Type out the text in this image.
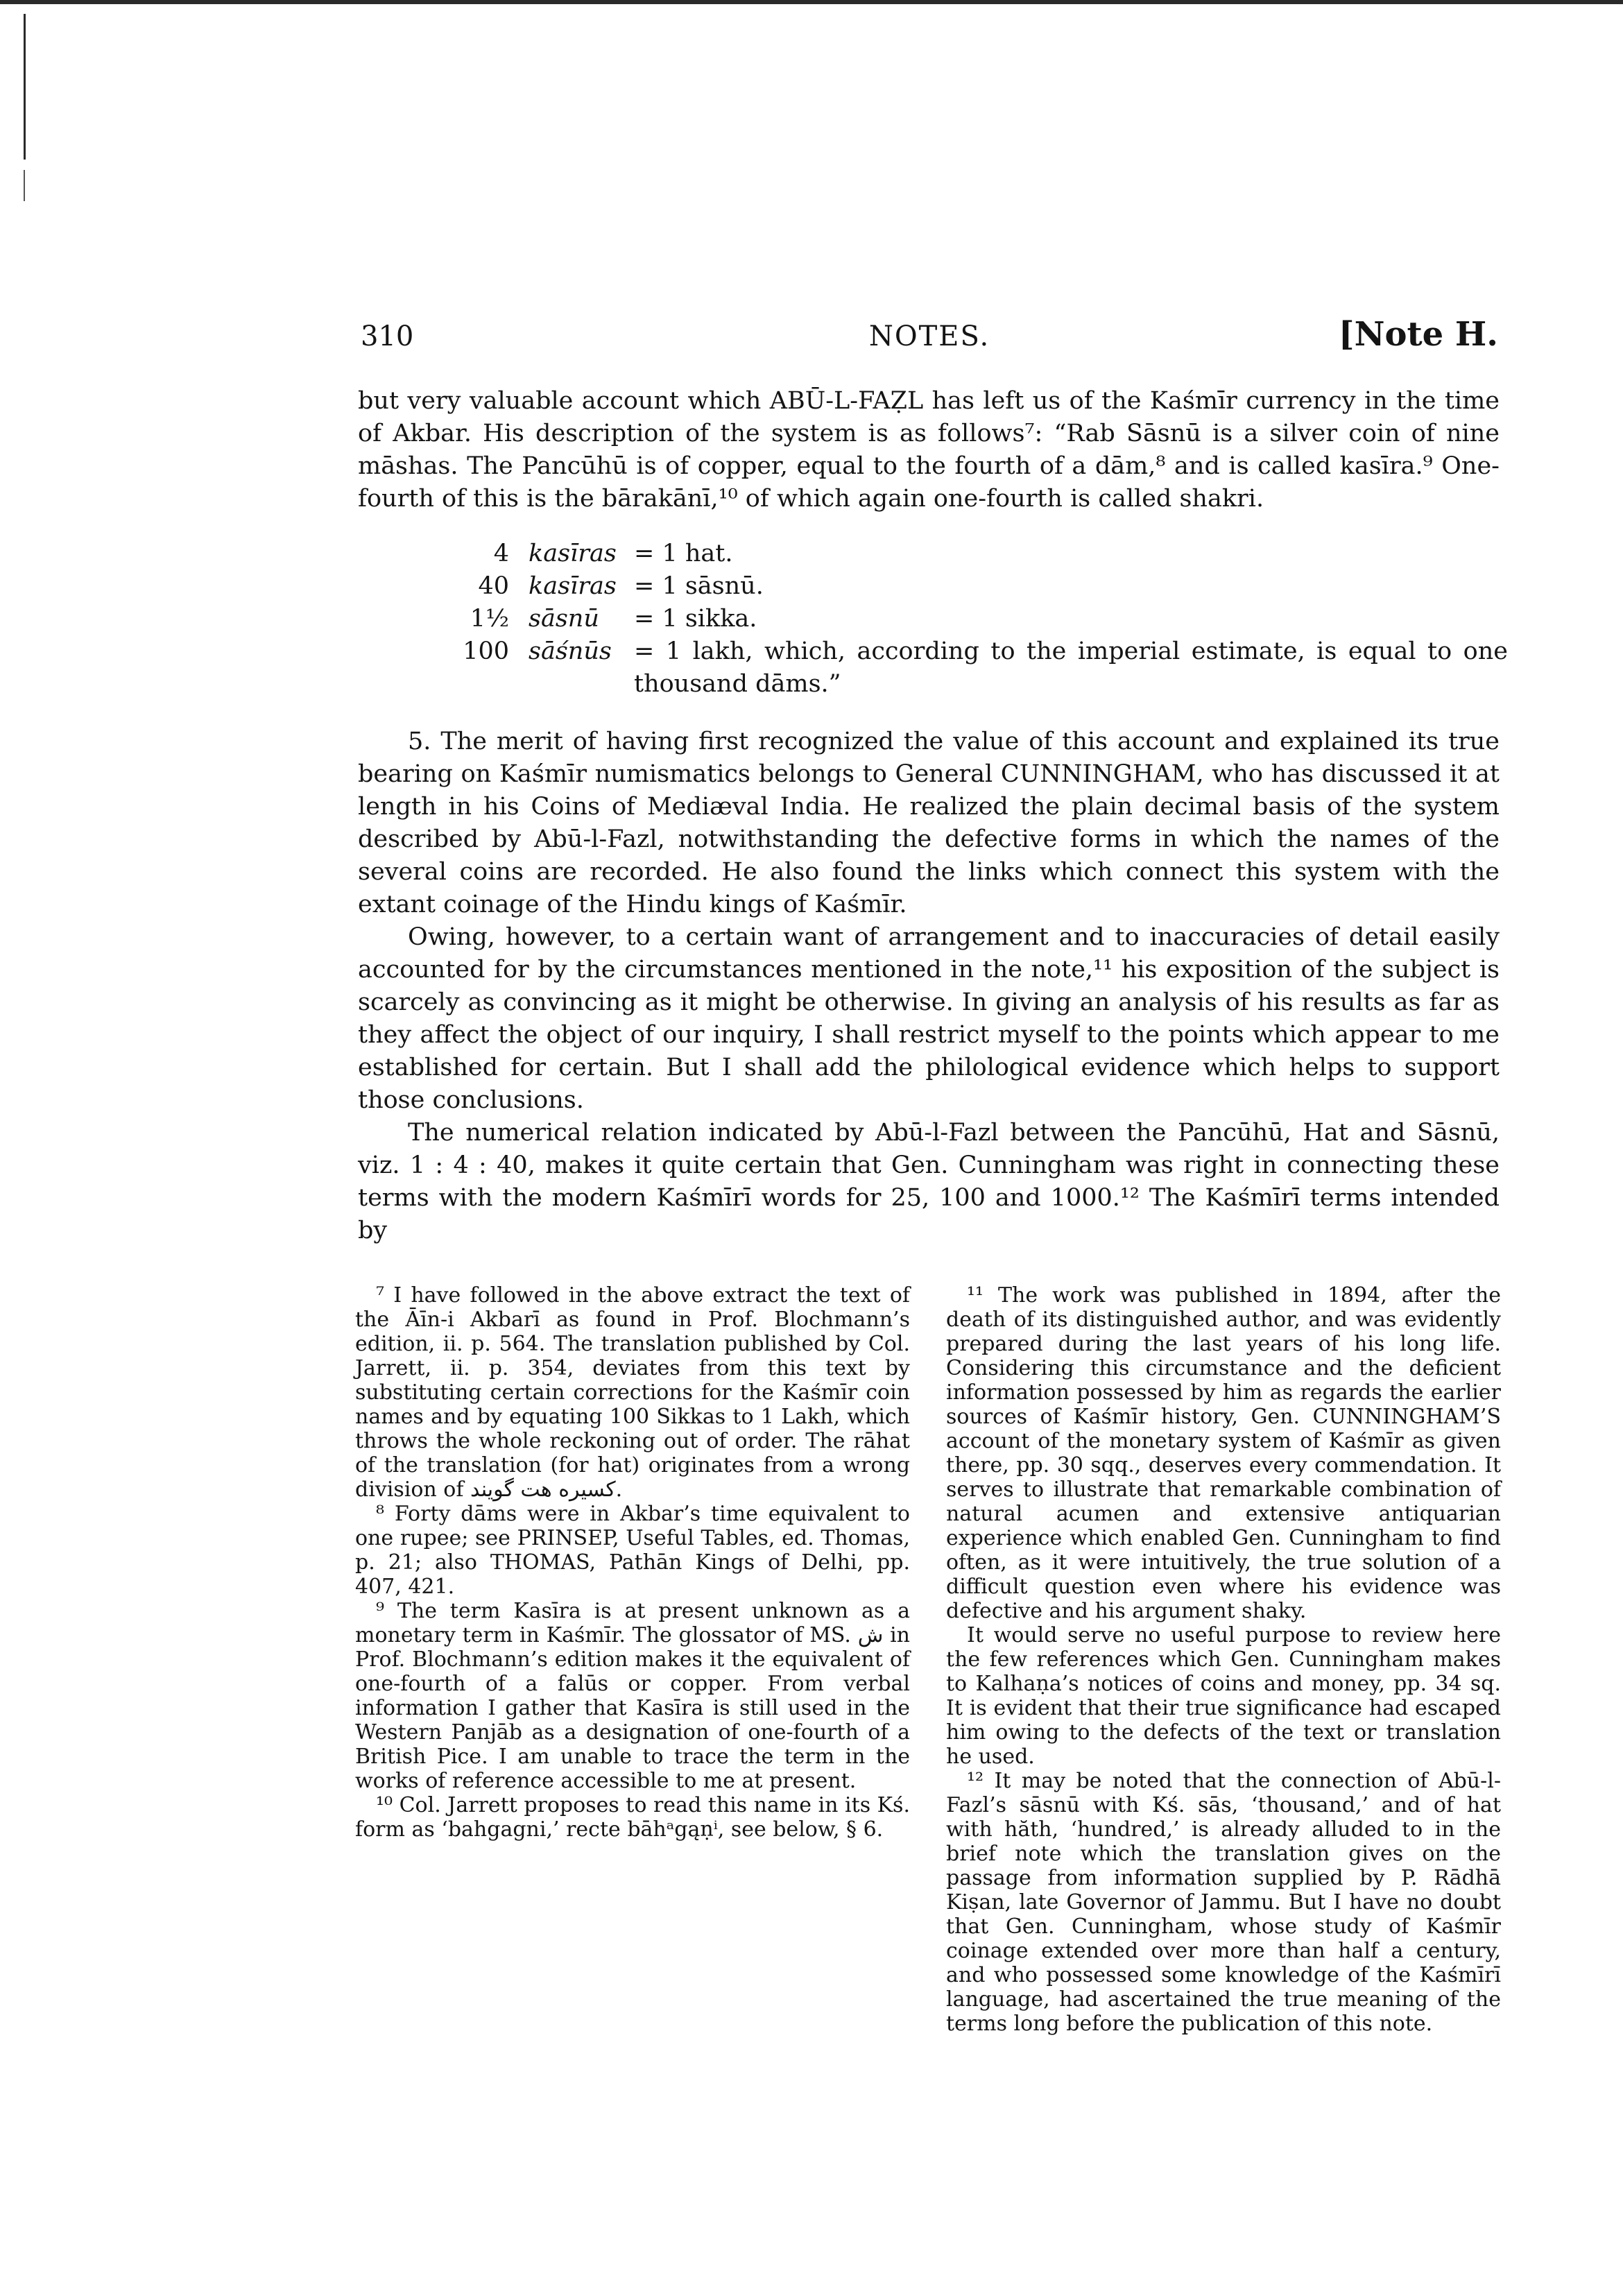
310	NOTES.	[Note H.

but very valuable account which ABŪ-L-FAẒL has left us of the Kaśmīr currency in the time of Akbar. His description of the system is as follows⁷: “Rab Sāsnū is a silver coin of nine māshas. The Pancūhū is of copper, equal to the fourth of a dām,⁸ and is called kasīra.⁹ One-fourth of this is the bārakānī,¹⁰ of which again one-fourth is called shakri.

4 kasīras = 1 hat.
40 kasīras = 1 sāsnū.
1½ sāsnū = 1 sikka.
100 sāśnūs = 1 lakh, which, according to the imperial estimate, is equal to one thousand dāms.”

5. The merit of having first recognized the value of this account and explained its true bearing on Kaśmīr numismatics belongs to General CUNNINGHAM, who has discussed it at length in his Coins of Mediæval India. He realized the plain decimal basis of the system described by Abū-l-Fazl, notwithstanding the defective forms in which the names of the several coins are recorded. He also found the links which connect this system with the extant coinage of the Hindu kings of Kaśmīr.

Owing, however, to a certain want of arrangement and to inaccuracies of detail easily accounted for by the circumstances mentioned in the note,¹¹ his exposition of the subject is scarcely as convincing as it might be otherwise. In giving an analysis of his results as far as they affect the object of our inquiry, I shall restrict myself to the points which appear to me established for certain. But I shall add the philological evidence which helps to support those conclusions.

The numerical relation indicated by Abū-l-Fazl between the Pancūhū, Hat and Sāsnū, viz. 1 : 4 : 40, makes it quite certain that Gen. Cunningham was right in connecting these terms with the modern Kaśmīrī words for 25, 100 and 1000.¹² The Kaśmīrī terms intended by

⁷ I have followed in the above extract the text of the Āīn-i Akbarī as found in Prof. Blochmann’s edition, ii. p. 564. The translation published by Col. Jarrett, ii. p. 354, deviates from this text by substituting certain corrections for the Kaśmīr coin names and by equating 100 Sikkas to 1 Lakh, which throws the whole reckoning out of order. The rāhat of the translation (for hat) originates from a wrong division of کسیره هت گویند.

⁸ Forty dāms were in Akbar’s time equivalent to one rupee; see PRINSEP, Useful Tables, ed. Thomas, p. 21; also THOMAS, Pathān Kings of Delhi, pp. 407, 421.

⁹ The term Kasīra is at present unknown as a monetary term in Kaśmīr. The glossator of MS. ش in Prof. Blochmann’s edition makes it the equivalent of one-fourth of a falūs or copper. From verbal information I gather that Kasīra is still used in the Western Panjāb as a designation of one-fourth of a British Pice. I am unable to trace the term in the works of reference accessible to me at present.

¹⁰ Col. Jarrett proposes to read this name in its Kś. form as ‘bahgagni,’ recte bāhᵃgąṇⁱ, see below, § 6.

¹¹ The work was published in 1894, after the death of its distinguished author, and was evidently prepared during the last years of his long life. Considering this circumstance and the deficient information possessed by him as regards the earlier sources of Kaśmīr history, Gen. CUNNINGHAM’S account of the monetary system of Kaśmīr as given there, pp. 30 sqq., deserves every commendation. It serves to illustrate that remarkable combination of natural acumen and extensive antiquarian experience which enabled Gen. Cunningham to find often, as it were intuitively, the true solution of a difficult question even where his evidence was defective and his argument shaky.

It would serve no useful purpose to review here the few references which Gen. Cunningham makes to Kalhaṇa’s notices of coins and money, pp. 34 sq. It is evident that their true significance had escaped him owing to the defects of the text or translation he used.

¹² It may be noted that the connection of Abū-l-Fazl’s sāsnū with Kś. sās, ‘thousand,’ and of hat with hăth, ‘hundred,’ is already alluded to in the brief note which the translation gives on the passage from information supplied by P. Rādhā Kiṣan, late Governor of Jammu. But I have no doubt that Gen. Cunningham, whose study of Kaśmīr coinage extended over more than half a century, and who possessed some knowledge of the Kaśmīrī language, had ascertained the true meaning of the terms long before the publication of this note.
